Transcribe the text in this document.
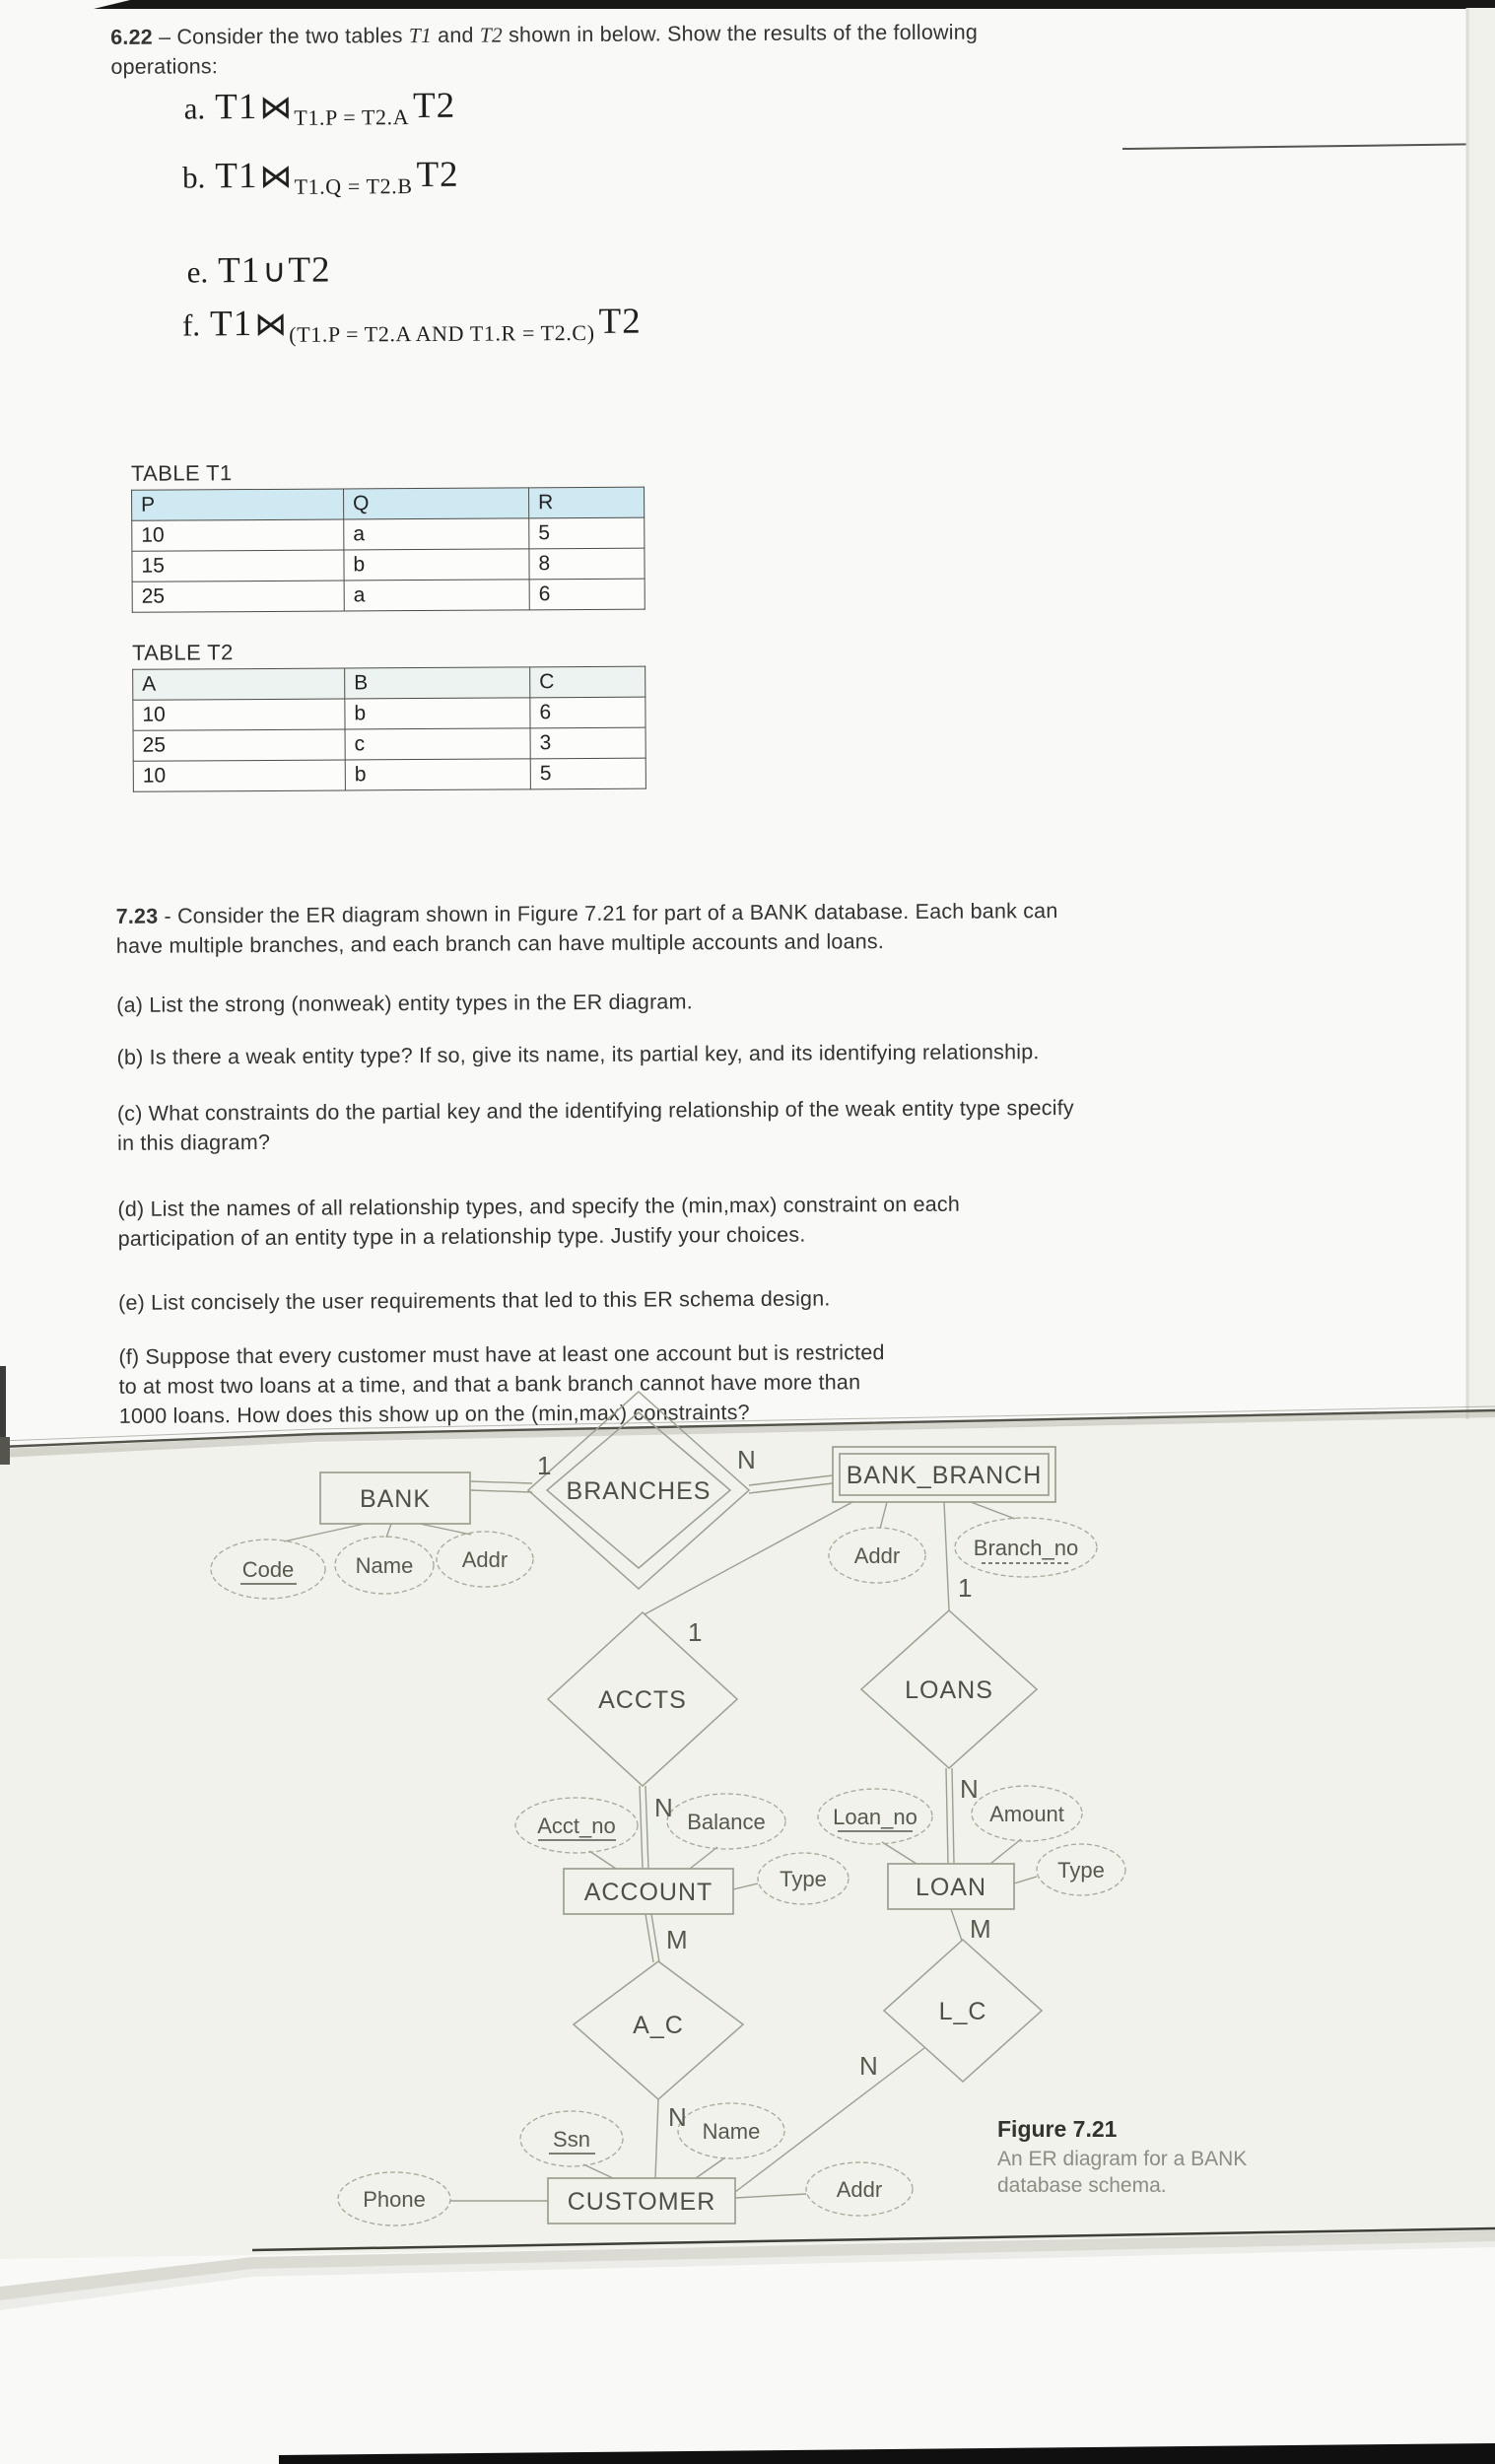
6.22 – Consider the two tables T1 and T2 shown in below. Show the results of the following
operations:
a. T1⋈T1.P = T2.A T2
b. T1⋈T1.Q = T2.B T2
e. T1∪T2
f. T1⋈(T1.P = T2.A AND T1.R = T2.C) T2
TABLE T1
P	Q	R
10	a	5
15	b	8
25	a	6
TABLE T2
A	B	C
10	b	6
25	c	3
10	b	5
7.23 - Consider the ER diagram shown in Figure 7.21 for part of a BANK database. Each bank can
have multiple branches, and each branch can have multiple accounts and loans.
(a) List the strong (nonweak) entity types in the ER diagram.
(b) Is there a weak entity type? If so, give its name, its partial key, and its identifying relationship.
(c) What constraints do the partial key and the identifying relationship of the weak entity type specify
in this diagram?
(d) List the names of all relationship types, and specify the (min,max) constraint on each
participation of an entity type in a relationship type. Justify your choices.
(e) List concisely the user requirements that led to this ER schema design.
(f) Suppose that every customer must have at least one account but is restricted
to at most two loans at a time, and that a bank branch cannot have more than
1000 loans. How does this show up on the (min,max) constraints?
BANK
BANK_BRANCH
ACCOUNT	LOAN
CUSTOMER
BRANCHES
ACCTS	LOANS
A_C	L_C
Code	Name Addr	Addr	Branch_no
Acct_no	Balance	Loan_no	Amount
Type	Type
Ssn	Name
Phone	Addr
1	N
1
1
N
N
M	M
N
N
Figure 7.21
An ER diagram for a BANK
database schema.
